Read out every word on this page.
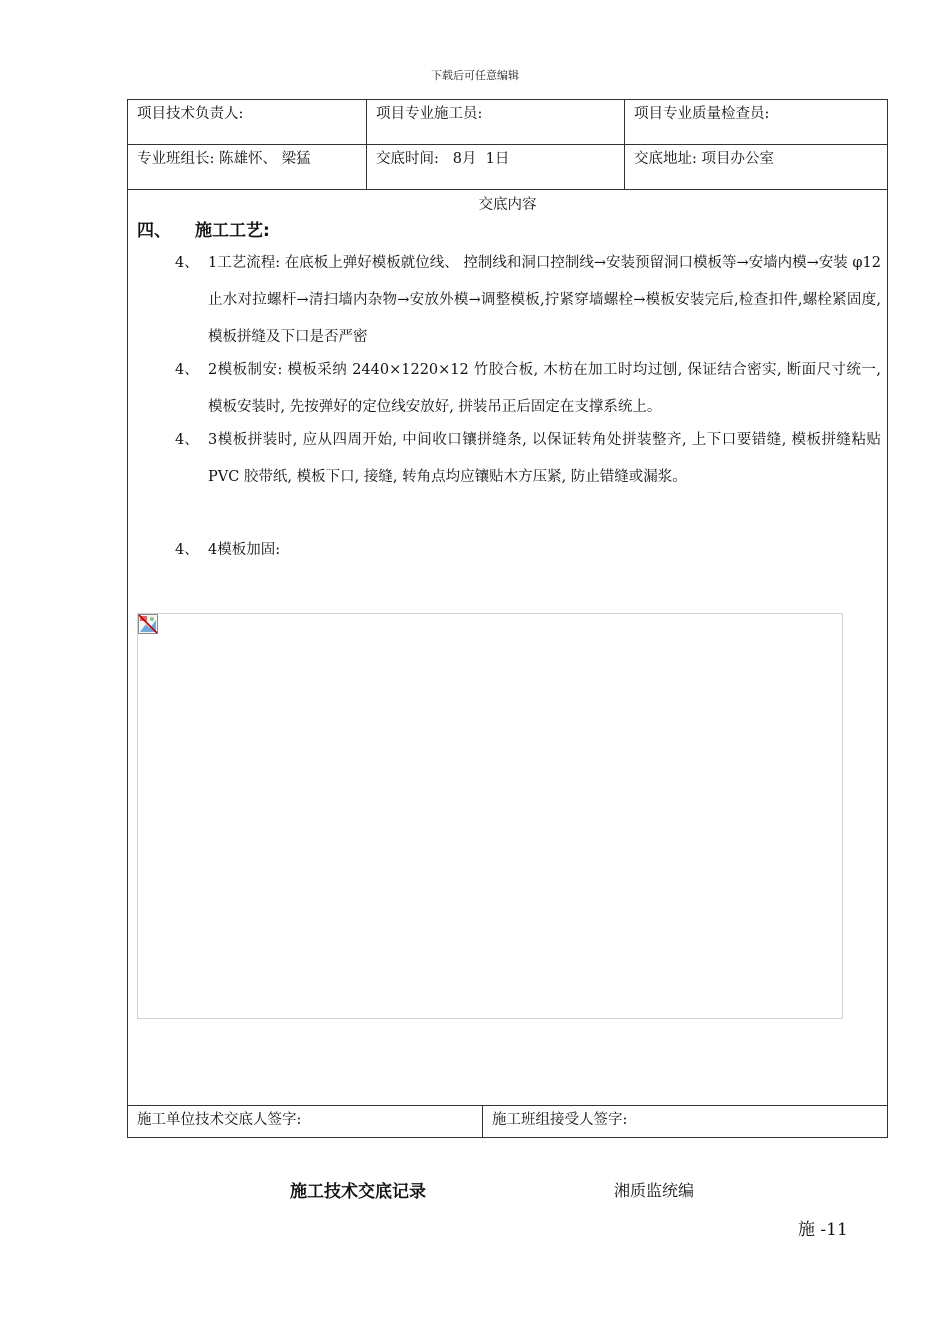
下载后可任意编辑
项目技术负责人:	项目专业施工员:	项目专业质量检查员:
专业班组长: 陈雄怀、 梁猛	交底时间:   8月  1日	交底地址: 项目办公室
交底内容
四、 施工工艺:
4、 1工艺流程: 在底板上弹好模板就位线、 控制线和洞口控制线→安装预留洞口模板等→安墙内模→安装 φ12 止水对拉螺杆→清扫墙内杂物→安放外模→调整模板,拧紧穿墙螺栓→模板安装完后,检查扣件,螺栓紧固度,模板拼缝及下口是否严密
4、 2模板制安: 模板采纳 2440×1220×12 竹胶合板, 木枋在加工时均过刨, 保证结合密实, 断面尺寸统一, 模板安装时, 先按弹好的定位线安放好, 拼装吊正后固定在支撑系统上。
4、 3模板拼装时, 应从四周开始, 中间收口镶拼缝条, 以保证转角处拼装整齐, 上下口要错缝, 模板拼缝粘贴 PVC 胶带纸, 模板下口, 接缝, 转角点均应镶贴木方压紧, 防止错缝或漏浆。
4、 4模板加固:
施工单位技术交底人签字:	施工班组接受人签字:
施工技术交底记录	湘质监统编
施 -11
